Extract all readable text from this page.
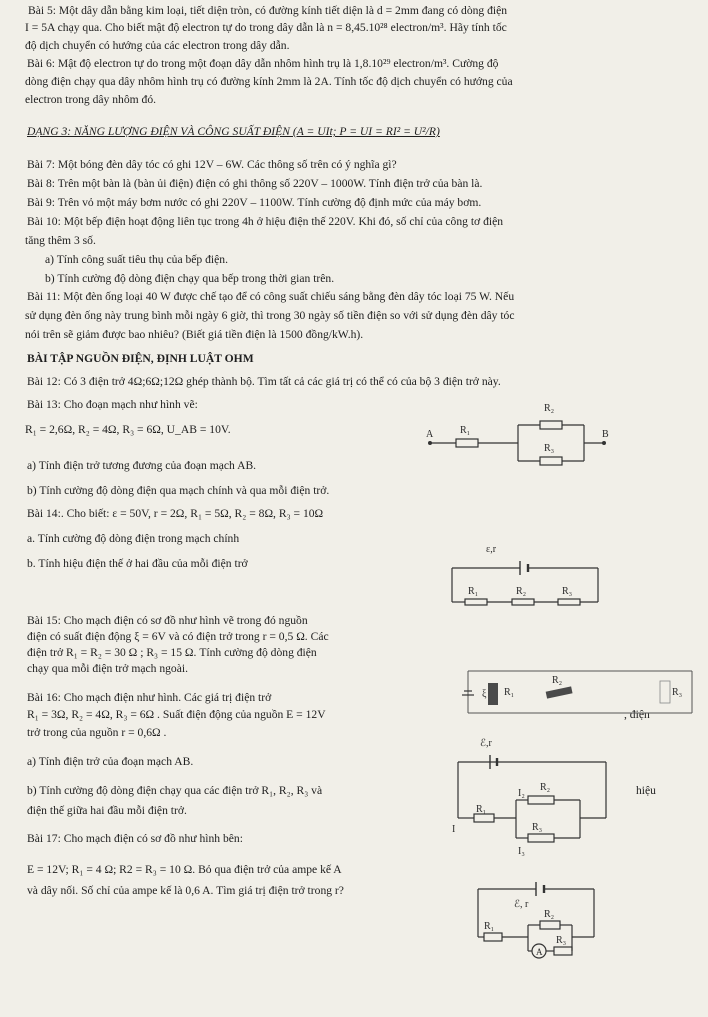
Bài 5: Một dây dẫn bằng kim loại, tiết diện tròn, có đường kính tiết diện là d = 2mm đang có dòng điện
I = 5A chạy qua. Cho biết mật độ electron tự do trong dây dẫn là n = 8,45.10²⁸ electron/m³. Hãy tính tốc
độ dịch chuyển có hướng của các electron trong dây dẫn.
Bài 6: Mật độ electron tự do trong một đoạn dây dẫn nhôm hình trụ là 1,8.10²⁹ electron/m³. Cường độ
dòng điện chạy qua dây nhôm hình trụ có đường kính 2mm là 2A. Tính tốc độ dịch chuyển có hướng của
electron trong dây nhôm đó.
DẠNG 3: NĂNG LƯỢNG ĐIỆN VÀ CÔNG SUẤT ĐIỆN (A = UIt; P = UI = RI² = U²/R)
Bài 7: Một bóng đèn dây tóc có ghi 12V – 6W. Các thông số trên có ý nghĩa gì?
Bài 8: Trên một bàn là (bàn ủi điện) điện có ghi thông số 220V – 1000W. Tính điện trở của bàn là.
Bài 9: Trên vỏ một máy bơm nước có ghi 220V – 1100W. Tính cường độ định mức của máy bơm.
Bài 10: Một bếp điện hoạt động liên tục trong 4h ở hiệu điện thế 220V. Khi đó, số chỉ của công tơ điện
tăng thêm 3 số.
a) Tính công suất tiêu thụ của bếp điện.
b) Tính cường độ dòng điện chạy qua bếp trong thời gian trên.
Bài 11: Một đèn ống loại 40 W được chế tạo để có công suất chiếu sáng bằng đèn dây tóc loại 75 W. Nếu
sử dụng đèn ống này trung bình mỗi ngày 6 giờ, thì trong 30 ngày số tiền điện so với sử dụng đèn dây tóc
nói trên sẽ giảm được bao nhiêu? (Biết giá tiền điện là 1500 đồng/kW.h).
BÀI TẬP NGUỒN ĐIỆN, ĐỊNH LUẬT OHM
Bài 12: Có 3 điện trở 4Ω;6Ω;12Ω ghép thành bộ. Tìm tất cả các giá trị có thể có của bộ 3 điện trở này.
Bài 13: Cho đoạn mạch như hình vẽ:
R₁ = 2,6Ω, R₂ = 4Ω, R₃ = 6Ω, U_AB = 10V.
a) Tính điện trở tương đương của đoạn mạch AB.
b) Tính cường độ dòng điện qua mạch chính và qua mỗi điện trở.
Bài 14:. Cho biết: ε = 50V, r = 2Ω, R₁ = 5Ω, R₂ = 8Ω, R₃ = 10Ω
a. Tính cường độ dòng điện trong mạch chính
b. Tính hiệu điện thế ở hai đầu của mỗi điện trở
Bài 15: Cho mạch điện có sơ đồ như hình vẽ trong đó nguồn
điện có suất điện động ξ = 6V và có điện trở trong r = 0,5 Ω. Các
điện trở R₁ = R₂ = 30 Ω ; R₃ = 15 Ω. Tính cường độ dòng điện
chạy qua mỗi điện trở mạch ngoài.
Bài 16: Cho mạch điện như hình. Các giá trị điện trở
R₁ = 3Ω, R₂ = 4Ω, R₃ = 6Ω . Suất điện động của nguồn E = 12V
trở trong của nguồn r = 0,6Ω .
a) Tính điện trở của đoạn mạch AB.
b) Tính cường độ dòng điện chạy qua các điện trở R₁, R₂, R₃ và
điện thế giữa hai đầu mỗi điện trở.
Bài 17: Cho mạch điện có sơ đồ như hình bên:
E = 12V; R₁ = 4 Ω; R2 = R₃ = 10 Ω. Bỏ qua điện trở của ampe kế A
và dây nối. Số chỉ của ampe kế là 0,6 A. Tìm giá trị điện trở trong r?
, điện
hiệu
A	B
R₁
R₂
R₃
ε,r
R₁	R₂	R₃
ξ R₁
R₂
R₃
ℰ,r
I
R₁
I₂
R₂
I₃
R₃
A
ℰ, r
R₁
R₂
R₃
